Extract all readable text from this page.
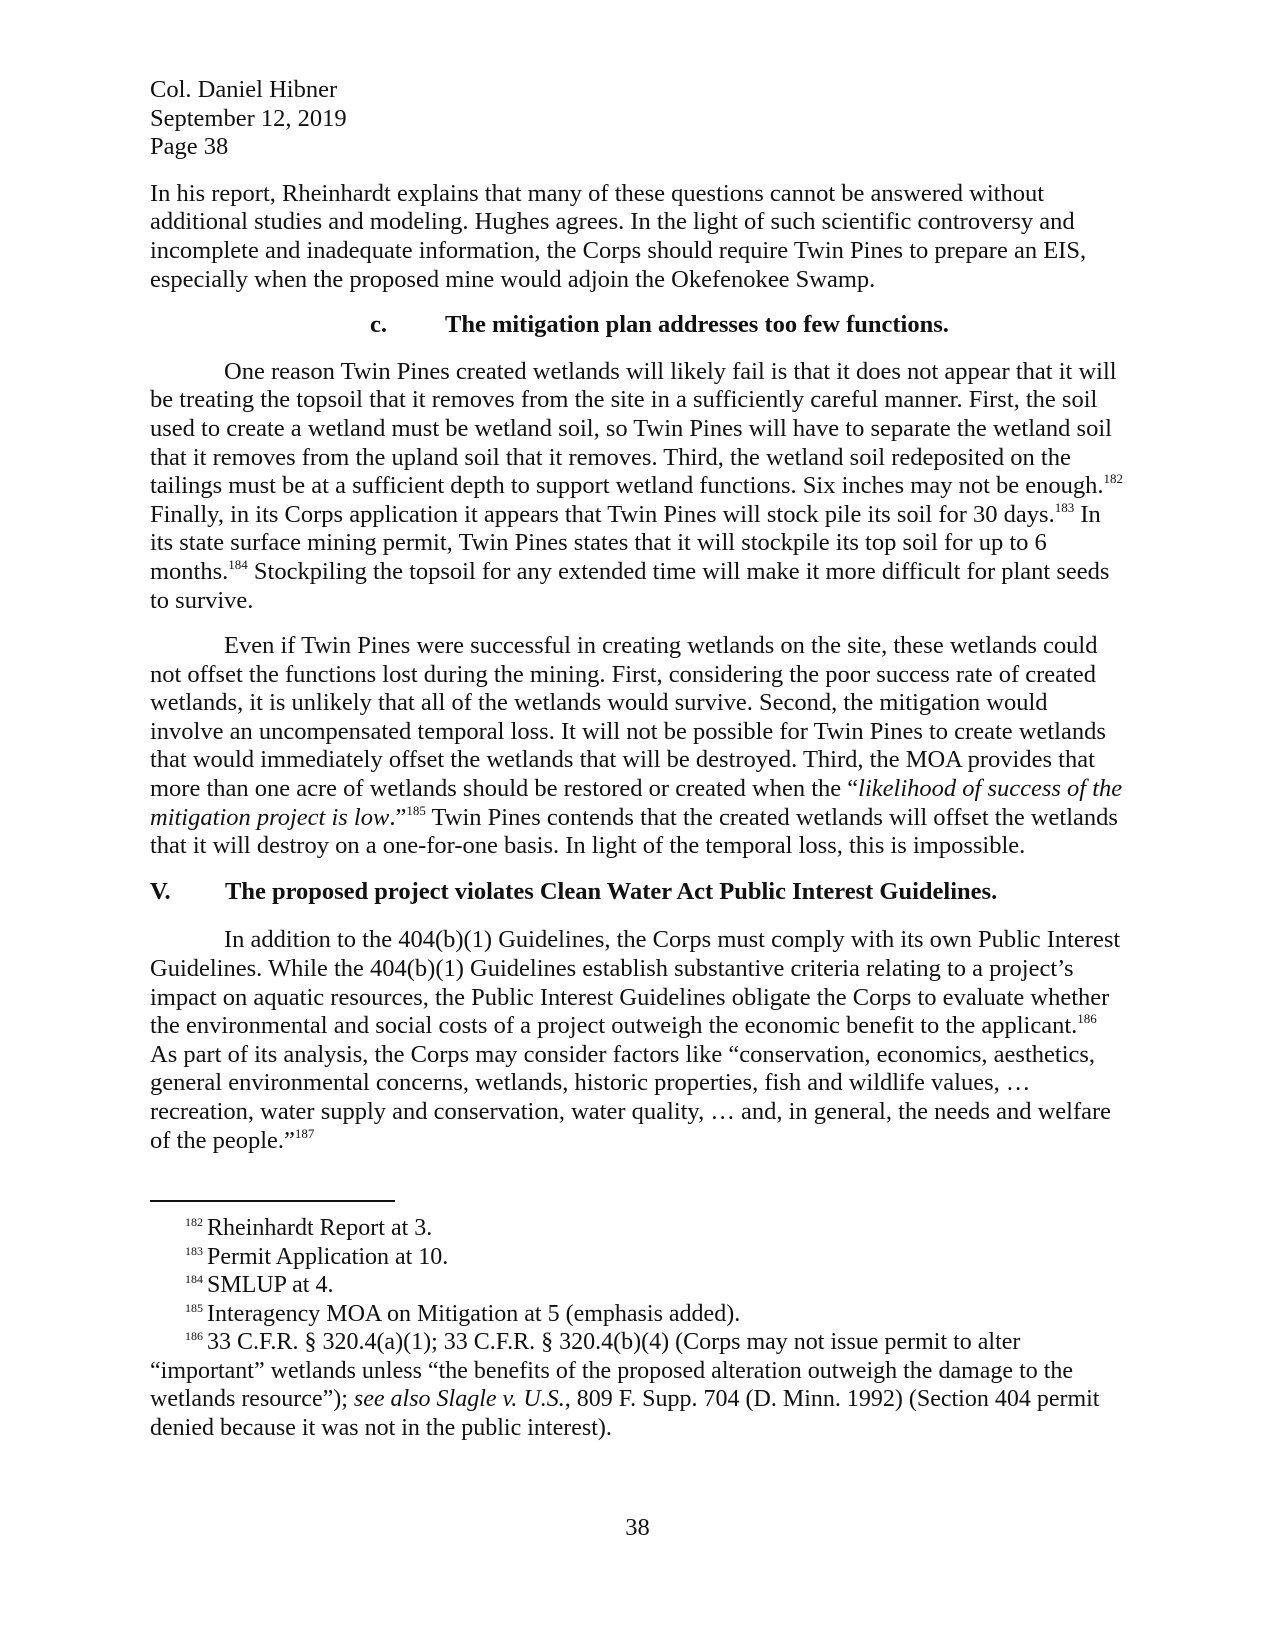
Col. Daniel Hibner
September 12, 2019
Page 38

In his report, Rheinhardt explains that many of these questions cannot be answered without additional studies and modeling. Hughes agrees. In the light of such scientific controversy and incomplete and inadequate information, the Corps should require Twin Pines to prepare an EIS, especially when the proposed mine would adjoin the Okefenokee Swamp.

c. The mitigation plan addresses too few functions.

One reason Twin Pines created wetlands will likely fail is that it does not appear that it will be treating the topsoil that it removes from the site in a sufficiently careful manner. First, the soil used to create a wetland must be wetland soil, so Twin Pines will have to separate the wetland soil that it removes from the upland soil that it removes. Third, the wetland soil redeposited on the tailings must be at a sufficient depth to support wetland functions. Six inches may not be enough.$^{182}$ Finally, in its Corps application it appears that Twin Pines will stock pile its soil for 30 days.$^{183}$ In its state surface mining permit, Twin Pines states that it will stockpile its top soil for up to 6 months.$^{184}$ Stockpiling the topsoil for any extended time will make it more difficult for plant seeds to survive.

Even if Twin Pines were successful in creating wetlands on the site, these wetlands could not offset the functions lost during the mining. First, considering the poor success rate of created wetlands, it is unlikely that all of the wetlands would survive. Second, the mitigation would involve an uncompensated temporal loss. It will not be possible for Twin Pines to create wetlands that would immediately offset the wetlands that will be destroyed. Third, the MOA provides that more than one acre of wetlands should be restored or created when the “likelihood of success of the mitigation project is low.”$^{185}$ Twin Pines contends that the created wetlands will offset the wetlands that it will destroy on a one-for-one basis. In light of the temporal loss, this is impossible.

V. The proposed project violates Clean Water Act Public Interest Guidelines.

In addition to the 404(b)(1) Guidelines, the Corps must comply with its own Public Interest Guidelines. While the 404(b)(1) Guidelines establish substantive criteria relating to a project’s impact on aquatic resources, the Public Interest Guidelines obligate the Corps to evaluate whether the environmental and social costs of a project outweigh the economic benefit to the applicant.$^{186}$ As part of its analysis, the Corps may consider factors like “conservation, economics, aesthetics, general environmental concerns, wetlands, historic properties, fish and wildlife values, … recreation, water supply and conservation, water quality, … and, in general, the needs and welfare of the people.”$^{187}$

$^{182}$ Rheinhardt Report at 3.

$^{183}$ Permit Application at 10.

$^{184}$ SMLUP at 4.

$^{185}$ Interagency MOA on Mitigation at 5 (emphasis added).

$^{186}$ 33 C.F.R. § 320.4(a)(1); 33 C.F.R. § 320.4(b)(4) (Corps may not issue permit to alter “important” wetlands unless “the benefits of the proposed alteration outweigh the damage to the wetlands resource”); see also Slagle v. U.S., 809 F. Supp. 704 (D. Minn. 1992) (Section 404 permit denied because it was not in the public interest).

38
